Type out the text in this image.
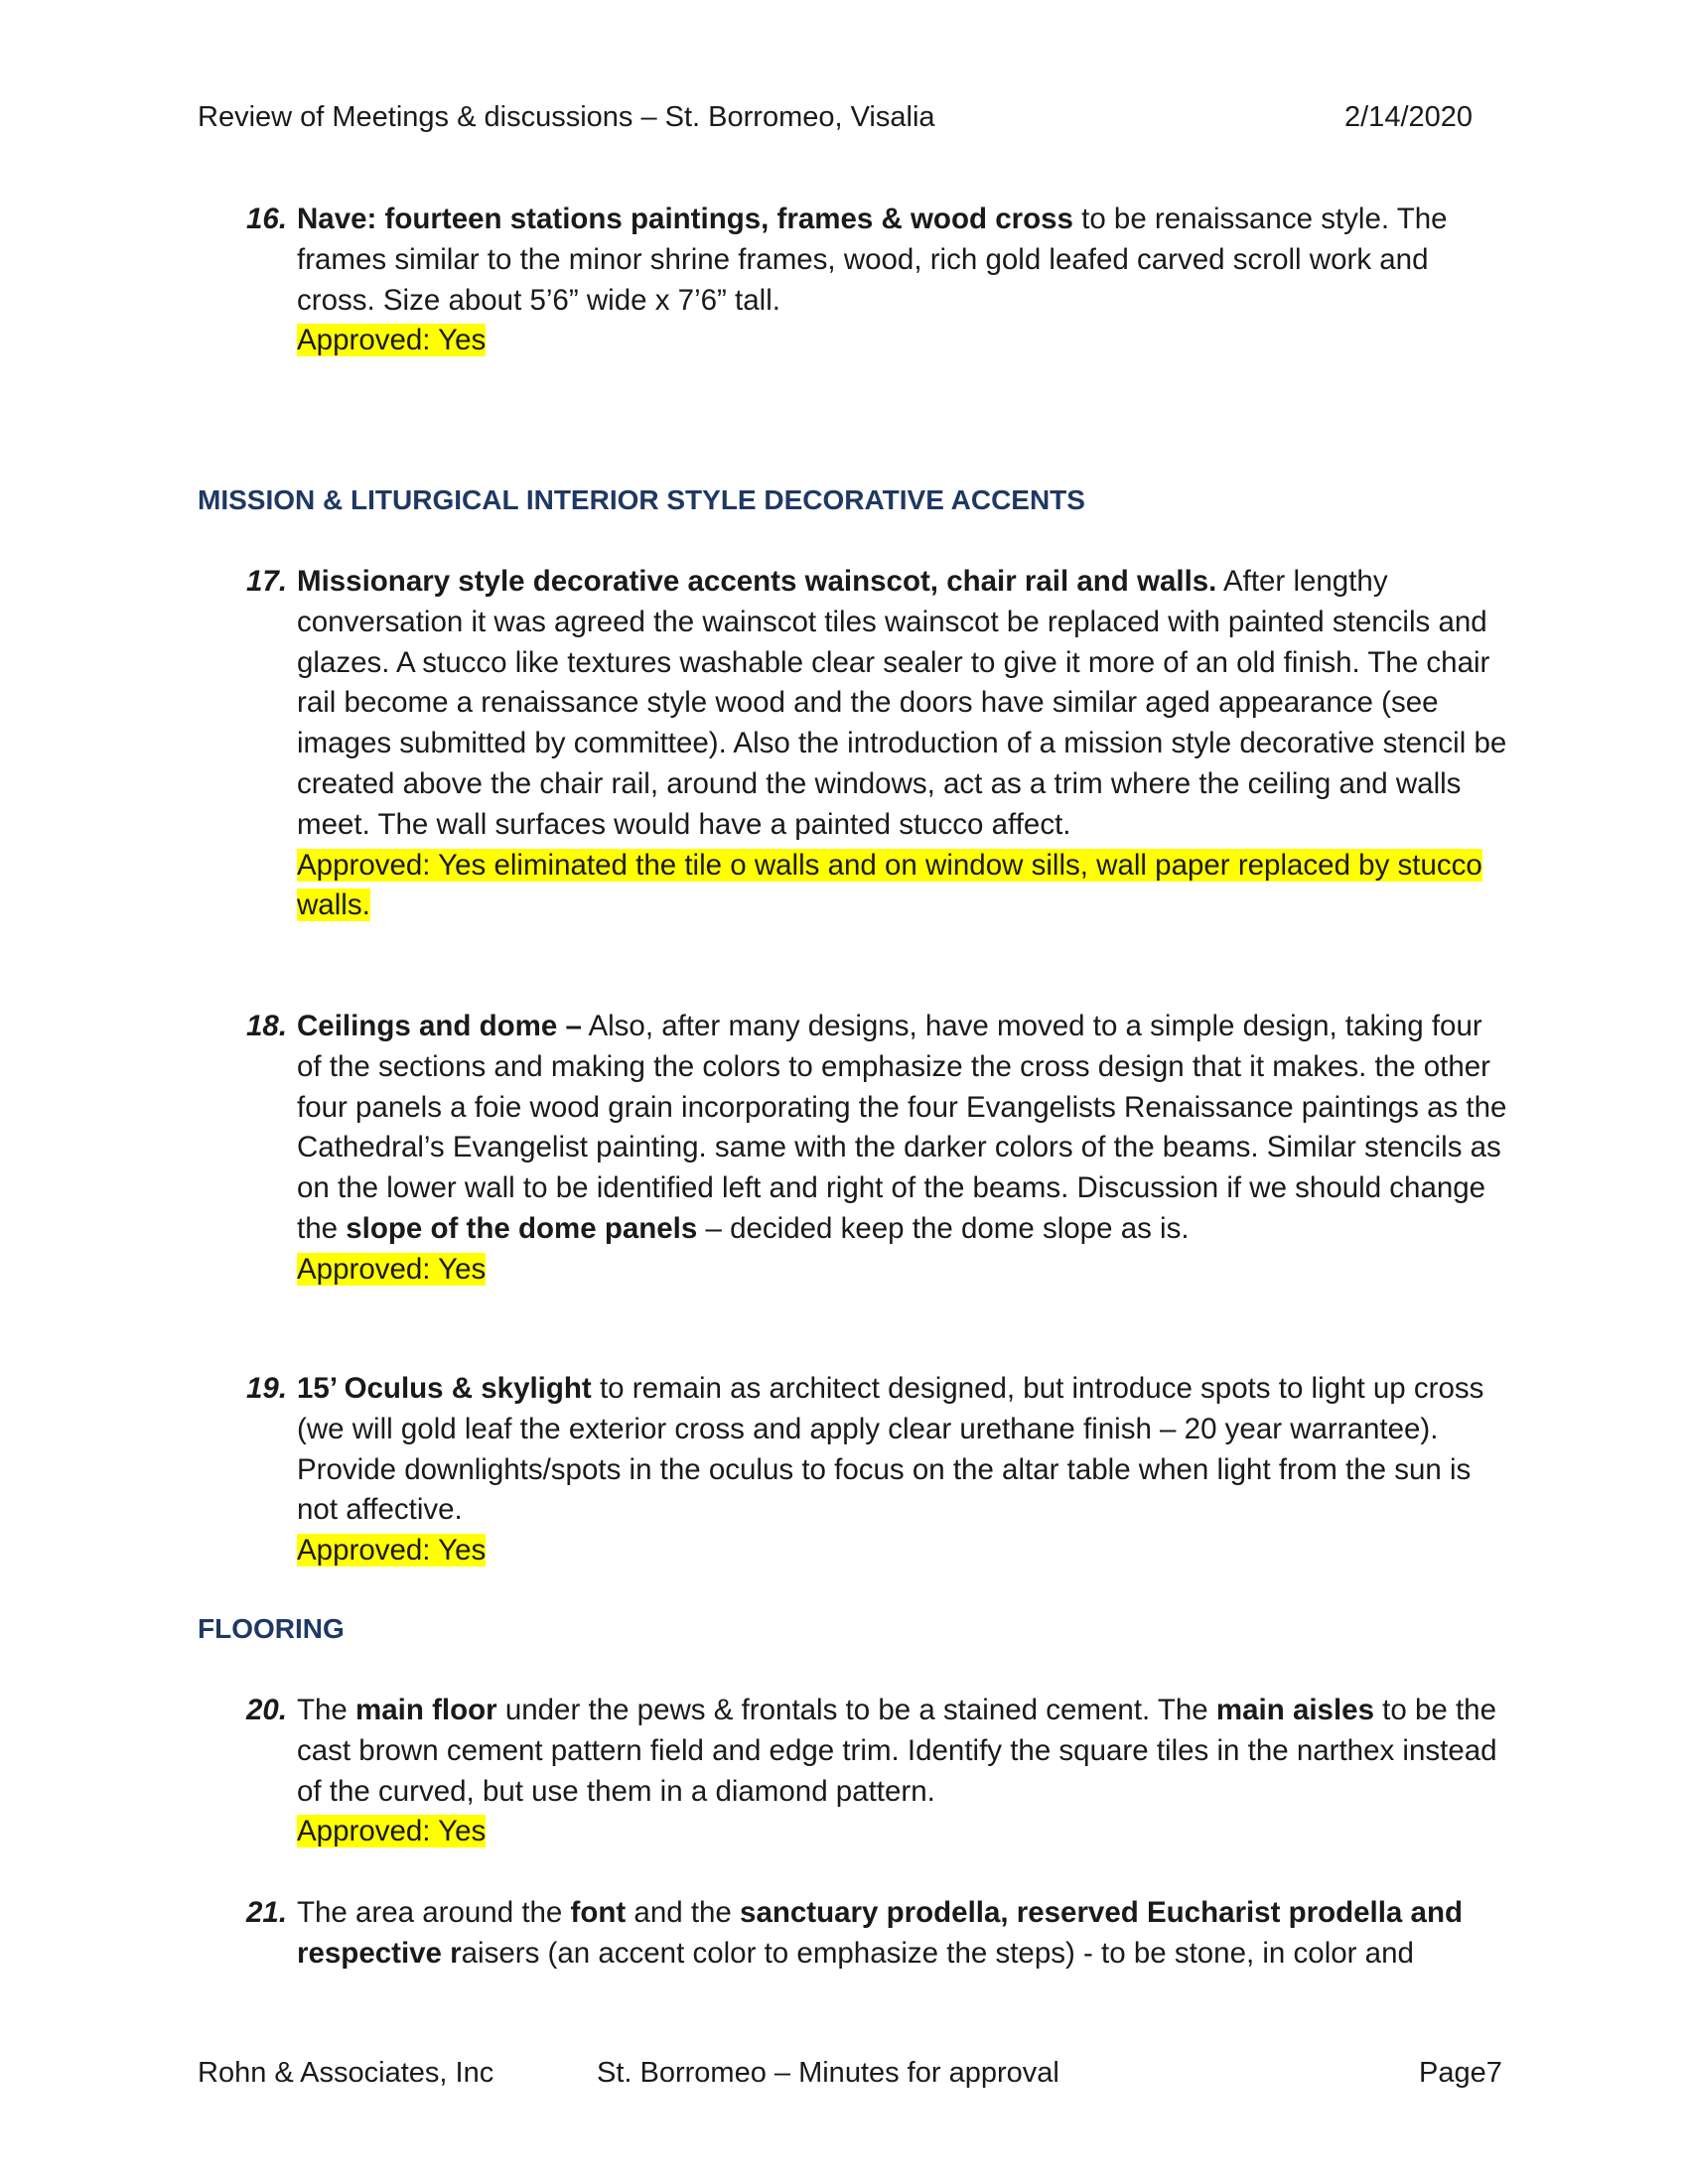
Review of Meetings & discussions – St. Borromeo, Visalia	2/14/2020
16. Nave: fourteen stations paintings, frames & wood cross to be renaissance style. The frames similar to the minor shrine frames, wood, rich gold leafed carved scroll work and cross. Size about 5’6” wide x 7’6” tall.
Approved: Yes
MISSION & LITURGICAL INTERIOR STYLE DECORATIVE ACCENTS
17. Missionary style decorative accents wainscot, chair rail and walls. After lengthy conversation it was agreed the wainscot tiles wainscot be replaced with painted stencils and glazes. A stucco like textures washable clear sealer to give it more of an old finish. The chair rail become a renaissance style wood and the doors have similar aged appearance (see images submitted by committee). Also the introduction of a mission style decorative stencil be created above the chair rail, around the windows, act as a trim where the ceiling and walls meet. The wall surfaces would have a painted stucco affect.
Approved: Yes eliminated the tile o walls and on window sills, wall paper replaced by stucco walls.
18. Ceilings and dome – Also, after many designs, have moved to a simple design, taking four of the sections and making the colors to emphasize the cross design that it makes. the other four panels a foie wood grain incorporating the four Evangelists Renaissance paintings as the Cathedral’s Evangelist painting. same with the darker colors of the beams. Similar stencils as on the lower wall to be identified left and right of the beams. Discussion if we should change the slope of the dome panels – decided keep the dome slope as is.
Approved: Yes
19. 15’ Oculus & skylight to remain as architect designed, but introduce spots to light up cross (we will gold leaf the exterior cross and apply clear urethane finish – 20 year warrantee). Provide downlights/spots in the oculus to focus on the altar table when light from the sun is not affective.
Approved: Yes
FLOORING
20. The main floor under the pews & frontals to be a stained cement. The main aisles to be the cast brown cement pattern field and edge trim. Identify the square tiles in the narthex instead of the curved, but use them in a diamond pattern.
Approved: Yes
21. The area around the font and the sanctuary prodella, reserved Eucharist prodella and respective raisers (an accent color to emphasize the steps) - to be stone, in color and
Rohn & Associates, Inc	St. Borromeo – Minutes for approval	Page7
